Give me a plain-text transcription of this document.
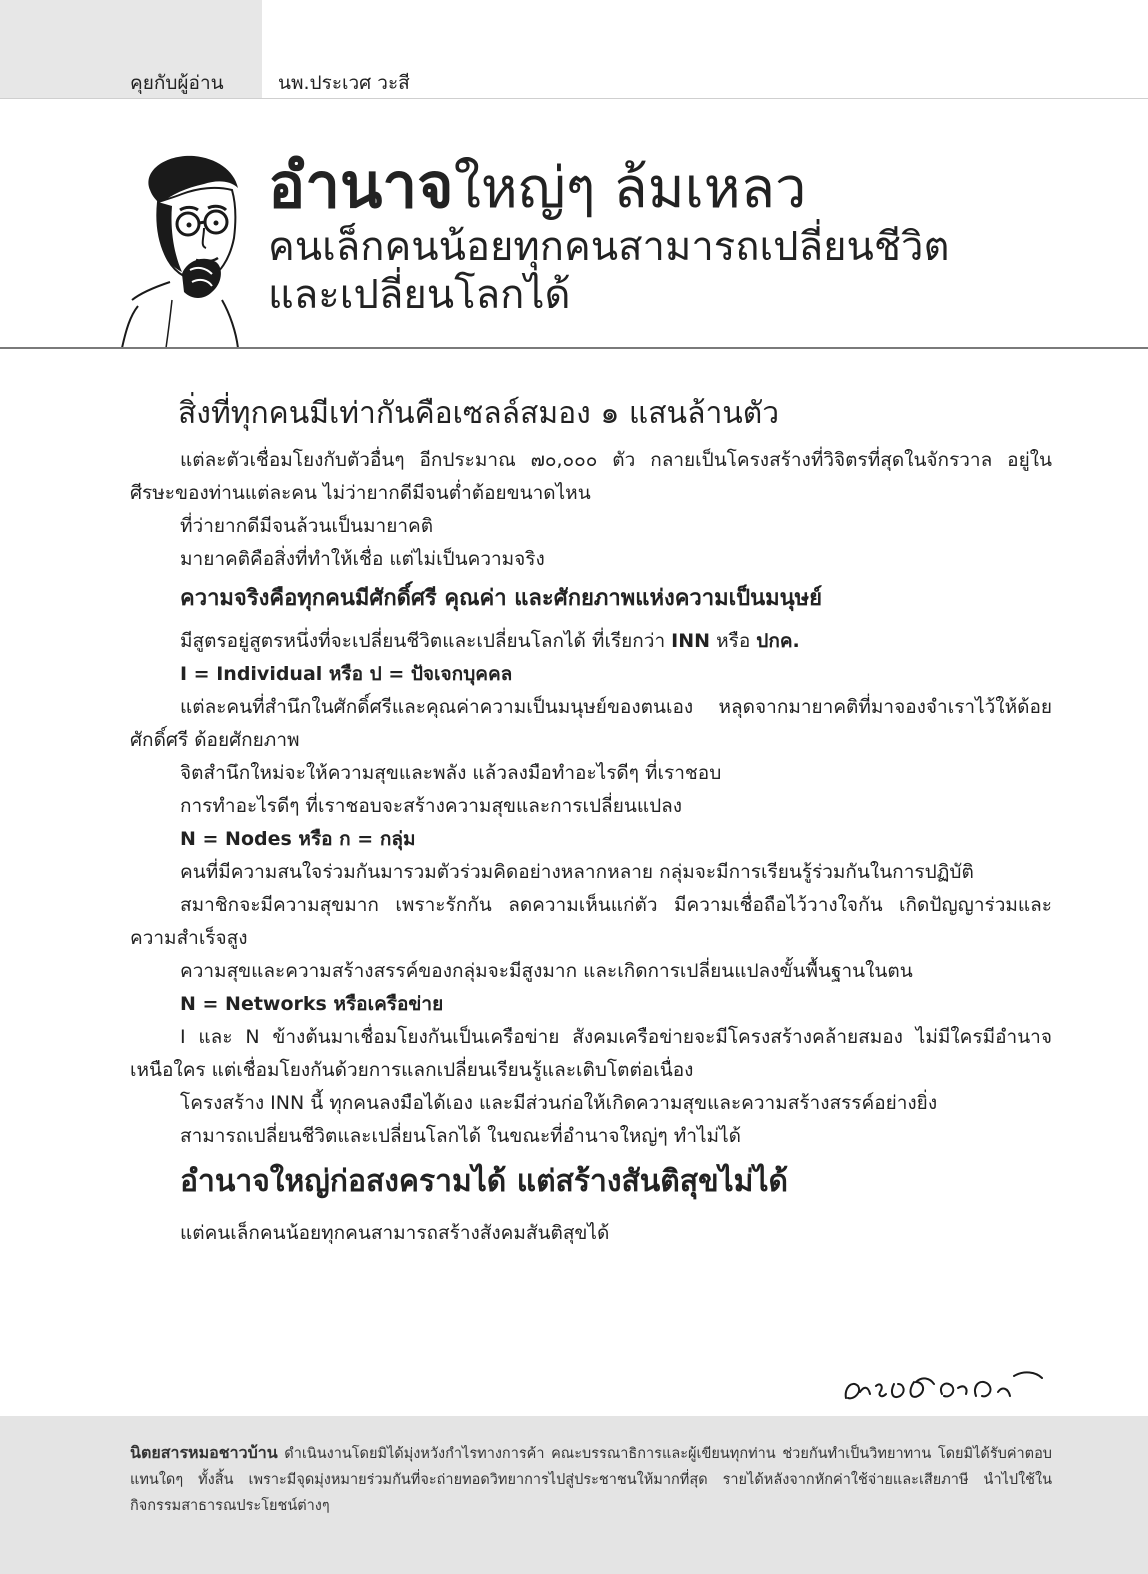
คุยกับผู้อ่าน	นพ.ประเวศ วะสี
อำนาจใหญ่ๆ ล้มเหลว
คนเล็กคนน้อยทุกคนสามารถเปลี่ยนชีวิต
และเปลี่ยนโลกได้
สิ่งที่ทุกคนมีเท่ากันคือเซลล์สมอง ๑ แสนล้านตัว

แต่ละตัวเชื่อมโยงกับตัวอื่นๆ อีกประมาณ ๗๐,๐๐๐ ตัว กลายเป็นโครงสร้างที่วิจิตรที่สุดในจักรวาล อยู่ในศีรษะของท่านแต่ละคน ไม่ว่ายากดีมีจนต่ำต้อยขนาดไหน

ที่ว่ายากดีมีจนล้วนเป็นมายาคติ

มายาคติคือสิ่งที่ทำให้เชื่อ แต่ไม่เป็นความจริง

ความจริงคือทุกคนมีศักดิ์ศรี คุณค่า และศักยภาพแห่งความเป็นมนุษย์

มีสูตรอยู่สูตรหนึ่งที่จะเปลี่ยนชีวิตและเปลี่ยนโลกได้ ที่เรียกว่า INN หรือ ปกค.

I = Individual หรือ ป = ปัจเจกบุคคล

แต่ละคนที่สำนึกในศักดิ์ศรีและคุณค่าความเป็นมนุษย์ของตนเอง หลุดจากมายาคติที่มาจองจำเราไว้ให้ด้อยศักดิ์ศรี ด้อยศักยภาพ

จิตสำนึกใหม่จะให้ความสุขและพลัง แล้วลงมือทำอะไรดีๆ ที่เราชอบ

การทำอะไรดีๆ ที่เราชอบจะสร้างความสุขและการเปลี่ยนแปลง

N = Nodes หรือ ก = กลุ่ม

คนที่มีความสนใจร่วมกันมารวมตัวร่วมคิดอย่างหลากหลาย กลุ่มจะมีการเรียนรู้ร่วมกันในการปฏิบัติ

สมาชิกจะมีความสุขมาก เพราะรักกัน ลดความเห็นแก่ตัว มีความเชื่อถือไว้วางใจกัน เกิดปัญญาร่วมและความสำเร็จสูง

ความสุขและความสร้างสรรค์ของกลุ่มจะมีสูงมาก และเกิดการเปลี่ยนแปลงขั้นพื้นฐานในตน

N = Networks หรือเครือข่าย

I และ N ข้างต้นมาเชื่อมโยงกันเป็นเครือข่าย สังคมเครือข่ายจะมีโครงสร้างคล้ายสมอง ไม่มีใครมีอำนาจเหนือใคร แต่เชื่อมโยงกันด้วยการแลกเปลี่ยนเรียนรู้และเติบโตต่อเนื่อง

โครงสร้าง INN นี้ ทุกคนลงมือได้เอง และมีส่วนก่อให้เกิดความสุขและความสร้างสรรค์อย่างยิ่ง

สามารถเปลี่ยนชีวิตและเปลี่ยนโลกได้ ในขณะที่อำนาจใหญ่ๆ ทำไม่ได้

อำนาจใหญ่ก่อสงครามได้ แต่สร้างสันติสุขไม่ได้

แต่คนเล็กคนน้อยทุกคนสามารถสร้างสังคมสันติสุขได้

นิตยสารหมอชาวบ้าน ดำเนินงานโดยมิได้มุ่งหวังกำไรทางการค้า คณะบรรณาธิการและผู้เขียนทุกท่าน ช่วยกันทำเป็นวิทยาทาน โดยมิได้รับค่าตอบแทนใดๆ ทั้งสิ้น เพราะมีจุดมุ่งหมายร่วมกันที่จะถ่ายทอดวิทยาการไปสู่ประชาชนให้มากที่สุด รายได้หลังจากหักค่าใช้จ่ายและเสียภาษี นำไปใช้ในกิจกรรมสาธารณประโยชน์ต่างๆ
